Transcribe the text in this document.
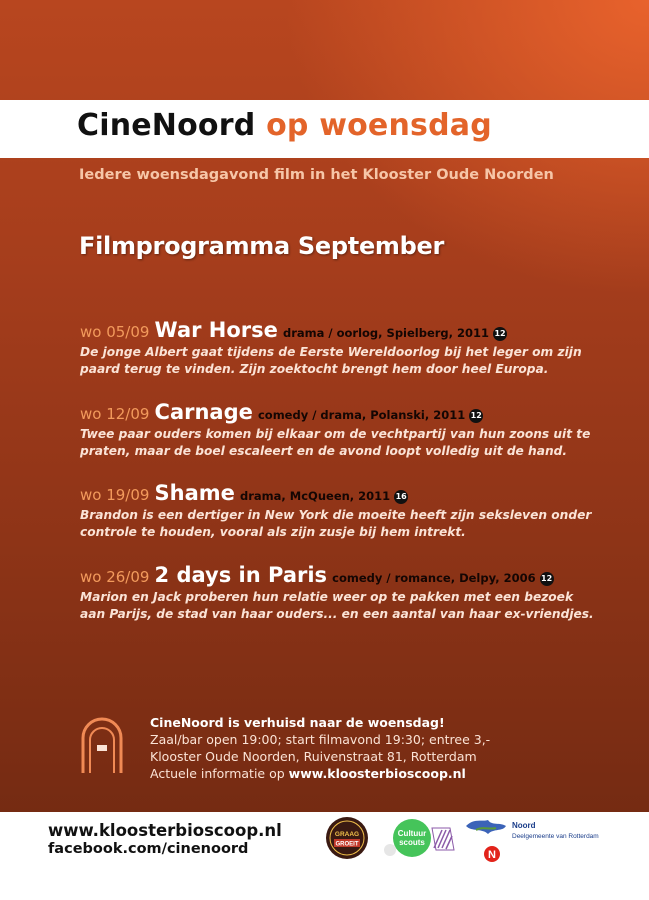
CineNoord op woensdag
Iedere woensdagavond film in het Klooster Oude Noorden
Filmprogramma September
wo 05/09 War Horse drama / oorlog, Spielberg, 2011 12

De jonge Albert gaat tijdens de Eerste Wereldoorlog bij het leger om zijn

paard terug te vinden. Zijn zoektocht brengt hem door heel Europa.

wo 12/09 Carnage comedy / drama, Polanski, 2011 12

Twee paar ouders komen bij elkaar om de vechtpartij van hun zoons uit te

praten, maar de boel escaleert en de avond loopt volledig uit de hand.

wo 19/09 Shame drama, McQueen, 2011 16

Brandon is een dertiger in New York die moeite heeft zijn seksleven onder

controle te houden, vooral als zijn zusje bij hem intrekt.

wo 26/09 2 days in Paris comedy / romance, Delpy, 2006 12

Marion en Jack proberen hun relatie weer op te pakken met een bezoek

aan Parijs, de stad van haar ouders... en een aantal van haar ex-vriendjes.

CineNoord is verhuisd naar de woensdag!
Zaal/bar open 19:00; start filmavond 19:30; entree 3,-
Klooster Oude Noorden, Ruivenstraat 81, Rotterdam
Actuele informatie op www.kloosterbioscoop.nl
www.kloosterbioscoop.nl
facebook.com/cinenoord
GRAAG
GROEIT
Cultuur
scouts
Noord
Deelgemeente van Rotterdam
N
